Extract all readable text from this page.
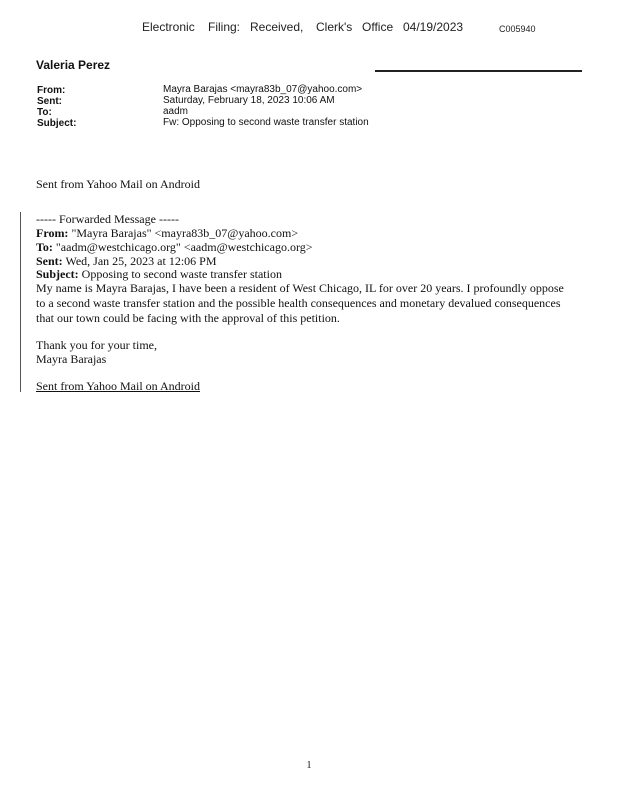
Electronic Filing: Received, Clerk's Office 04/19/2023	C005940
Valeria Perez
From:	Mayra Barajas <mayra83b_07@yahoo.com>
Sent:	Saturday, February 18, 2023 10:06 AM
To:	aadm
Subject:	Fw: Opposing to second waste transfer station
Sent from Yahoo Mail on Android
----- Forwarded Message -----
From: "Mayra Barajas" <mayra83b_07@yahoo.com>
To: "aadm@westchicago.org" <aadm@westchicago.org>
Sent: Wed, Jan 25, 2023 at 12:06 PM
Subject: Opposing to second waste transfer station
My name is Mayra Barajas, I have been a resident of West Chicago, IL for over 20 years. I profoundly oppose to a second waste transfer station and the possible health consequences and monetary devalued consequences that our town could be facing with the approval of this petition.
Thank you for your time,
Mayra Barajas
Sent from Yahoo Mail on Android
1
